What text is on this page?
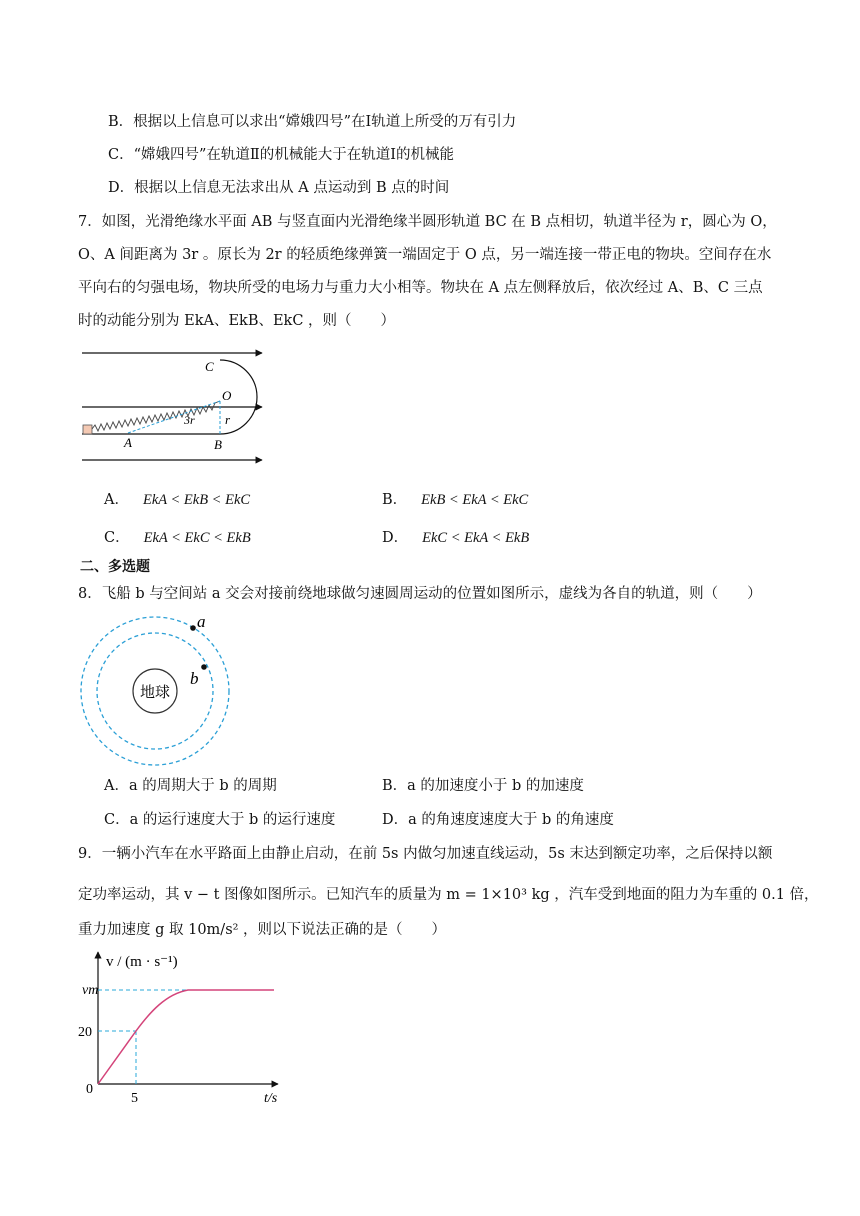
B．根据以上信息可以求出“嫦娥四号”在Ⅰ轨道上所受的万有引力
C．“嫦娥四号”在轨道Ⅱ的机械能大于在轨道Ⅰ的机械能
D．根据以上信息无法求出从 A 点运动到 B 点的时间
7．如图，光滑绝缘水平面 AB 与竖直面内光滑绝缘半圆形轨道 BC 在 B 点相切，轨道半径为 r，圆心为 O，
O、A 间距离为 3r 。原长为 2r 的轻质绝缘弹簧一端固定于 O 点，另一端连接一带正电的物块。空间存在水
平向右的匀强电场，物块所受的电场力与重力大小相等。物块在 A 点左侧释放后，依次经过 A、B、C 三点
时的动能分别为 EkA、EkB、EkC ，则（　　）
C
O
r
3r
A	B
A． EkA < EkB < EkC	B． EkB < EkA < EkC
C． EkA < EkC < EkB	D． EkC < EkA < EkB
二、多选题
8．飞船 b 与空间站 a 交会对接前绕地球做匀速圆周运动的位置如图所示，虚线为各自的轨道，则（　　）
地球
a
b
A．a 的周期大于 b 的周期	B．a 的加速度小于 b 的加速度
C．a 的运行速度大于 b 的运行速度	D．a 的角速度速度大于 b 的角速度
9．一辆小汽车在水平路面上由静止启动，在前 5s 内做匀加速直线运动，5s 末达到额定功率，之后保持以额
定功率运动，其 v − t 图像如图所示。已知汽车的质量为 m = 1×10³ kg ，汽车受到地面的阻力为车重的 0.1 倍，
重力加速度 g 取 10m/s² ，则以下说法正确的是（　　）
v / (m · s⁻¹)
vm
20
0
5	t/s
